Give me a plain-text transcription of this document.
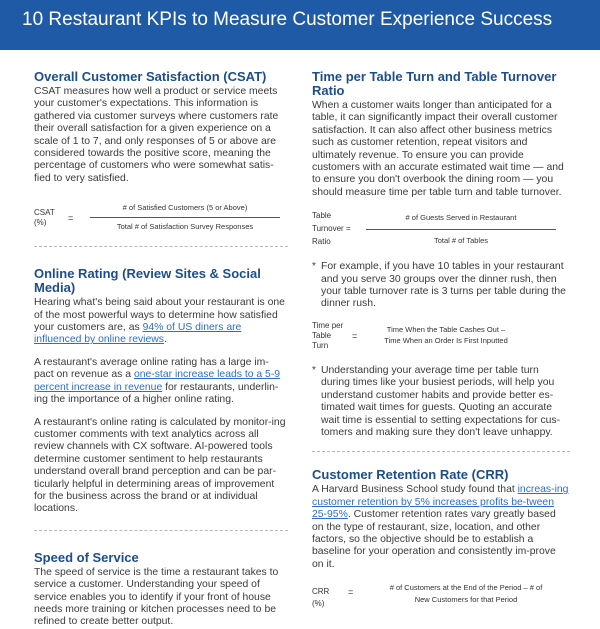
10 Restaurant KPIs to Measure Customer Experience Success
Overall Customer Satisfaction (CSAT)

CSAT measures how well a product or service meets your customer's expectations. This information is gathered via customer surveys where customers rate their overall satisfaction for a given experience on a scale of 1 to 7, and only responses of 5 or above are considered towards the positive score, meaning the percentage of customers who were somewhat satis-fied to very satisfied.

CSAT
(%)	=	$\frac{\text{\# of Satisfied Customers (5 or Above)}}{\text{Total \# of Satisfaction Survey Responses}}$
Online Rating (Review Sites & Social Media)

Hearing what's being said about your restaurant is one of the most powerful ways to determine how satisfied your customers are, as 94% of US diners are influenced by online reviews.

A restaurant's average online rating has a large im-pact on revenue as a one-star increase leads to a 5-9 percent increase in revenue for restaurants, underlin-ing the importance of a higher online rating.

A restaurant's online rating is calculated by monitor-ing customer comments with text analytics across all review channels with CX software. AI-powered tools determine customer sentiment to help restaurants understand overall brand perception and can be par-ticularly helpful in determining areas of improvement for the business across the brand or at individual locations.

Speed of Service

The speed of service is the time a restaurant takes to service a customer. Understanding your speed of service enables you to identify if your front of house needs more training or kitchen processes need to be refined to create better output.

Time per Table Turn and Table Turnover Ratio

When a customer waits longer than anticipated for a table, it can significantly impact their overall customer satisfaction. It can also affect other business metrics such as customer retention, repeat visitors and ultimately revenue. To ensure you can provide customers with an accurate estimated wait time — and to ensure you don't overbook the dining room — you should measure time per table turn and table turnover.

Table
Turnover =
Ratio	$\frac{\text{\# of Guests Served in Restaurant}}{\text{Total \# of Tables}}$
* For example, if you have 10 tables in your restaurant and you serve 30 groups over the dinner rush, then your table turnover rate is 3 turns per table during the dinner rush.

Time per
Table
Turn
=
Time When the Table Cashes Out –
Time When an Order Is First Inputted
* Understanding your average time per table turn during times like your busiest periods, will help you understand customer habits and provide better es-timated wait times for guests. Quoting an accurate wait time is essential to setting expectations for cus-tomers and making sure they don't leave unhappy.

Customer Retention Rate (CRR)

A Harvard Business School study found that increas-ing customer retention by 5% increases profits be-tween 25-95%. Customer retention rates vary greatly based on the type of restaurant, size, location, and other factors, so the objective should be to establish a baseline for your operation and consistently im-prove on it.

CRR
(%)
=	# of Customers at the End of the Period – # of
New Customers for that Period
